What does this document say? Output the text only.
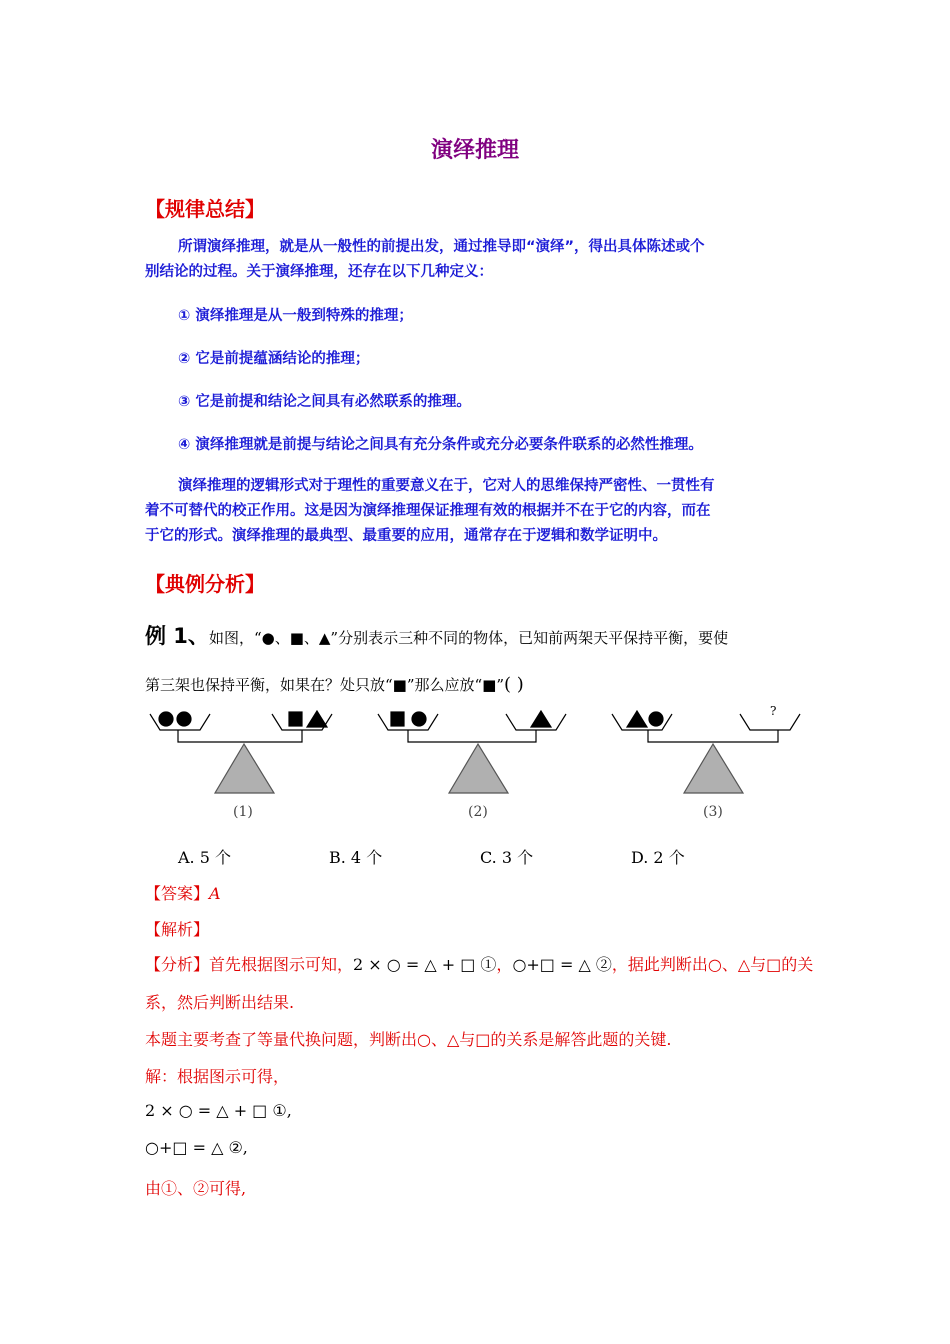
演绎推理
【规律总结】
所谓演绎推理，就是从一般性的前提出发，通过推导即“演绎”，得出具体陈述或个
别结论的过程。关于演绎推理，还存在以下几种定义：
① 演绎推理是从一般到特殊的推理；
② 它是前提蕴涵结论的推理；
③ 它是前提和结论之间具有必然联系的推理。
④ 演绎推理就是前提与结论之间具有充分条件或充分必要条件联系的必然性推理。
演绎推理的逻辑形式对于理性的重要意义在于，它对人的思维保持严密性、一贯性有
着不可替代的校正作用。这是因为演绎推理保证推理有效的根据并不在于它的内容，而在
于它的形式。演绎推理的最典型、最重要的应用，通常存在于逻辑和数学证明中。
【典例分析】
例 1、如图，“●、■、▲”分别表示三种不同的物体，已知前两架天平保持平衡，要使
第三架也保持平衡，如果在？处只放“■”那么应放“■”( )
?
(1)	(2)	(3)
A. 5 个	B. 4 个	C. 3 个	D. 2 个
【答案】A
【解析】
【分析】首先根据图示可知，2 × ○ = △ + □ ①，○+□ = △ ②，据此判断出○、△与□的关
系，然后判断出结果.
本题主要考查了等量代换问题，判断出○、△与□的关系是解答此题的关键.
解：根据图示可得，
2 × ○ = △ + □ ①,
○+□ = △ ②,
由①、②可得,
